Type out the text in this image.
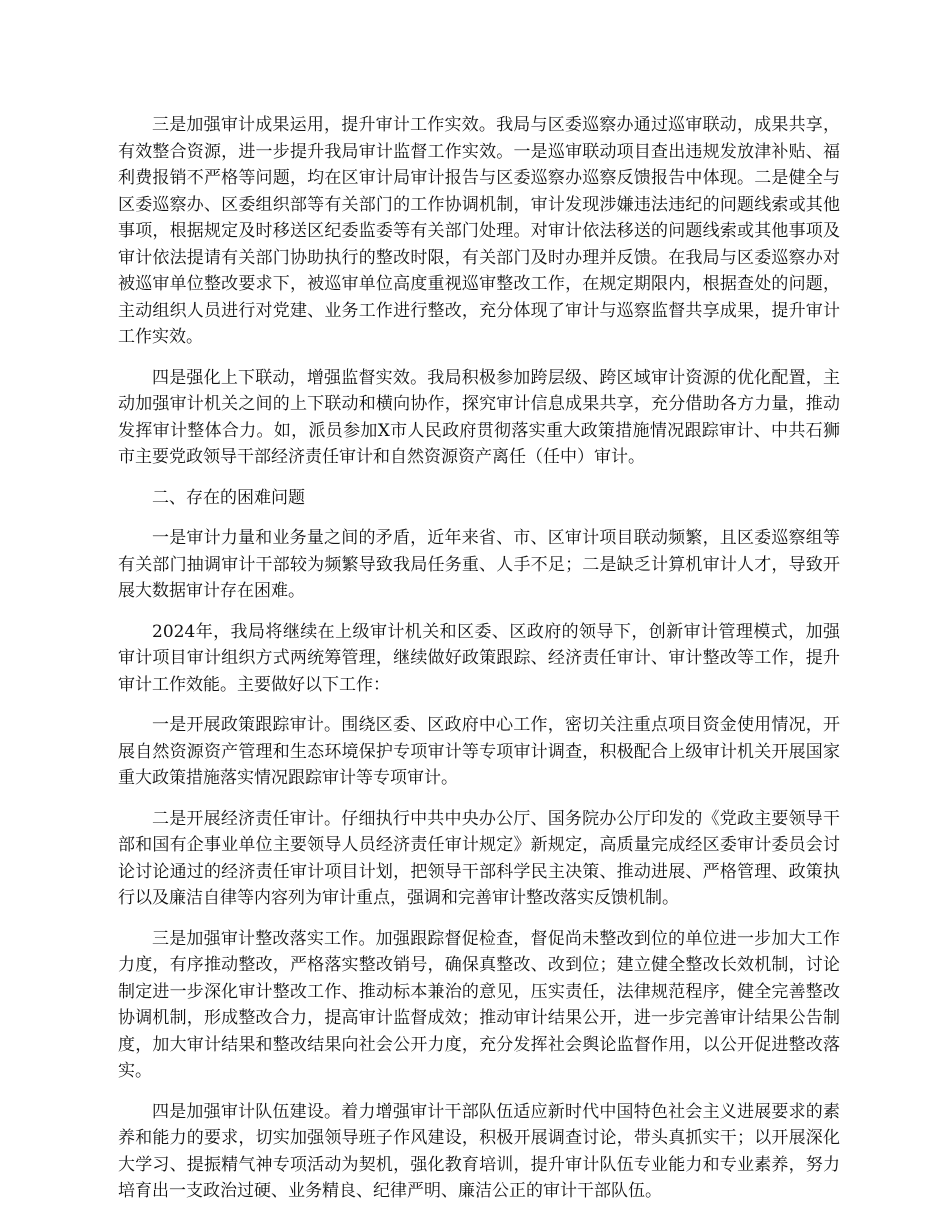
三是加强审计成果运用，提升审计工作实效。我局与区委巡察办通过巡审联动，成果共享，有效整合资源，进一步提升我局审计监督工作实效。一是巡审联动项目查出违规发放津补贴、福利费报销不严格等问题，均在区审计局审计报告与区委巡察办巡察反馈报告中体现。二是健全与区委巡察办、区委组织部等有关部门的工作协调机制，审计发现涉嫌违法违纪的问题线索或其他事项，根据规定及时移送区纪委监委等有关部门处理。对审计依法移送的问题线索或其他事项及审计依法提请有关部门协助执行的整改时限，有关部门及时办理并反馈。在我局与区委巡察办对被巡审单位整改要求下，被巡审单位高度重视巡审整改工作，在规定期限内，根据查处的问题，主动组织人员进行对党建、业务工作进行整改，充分体现了审计与巡察监督共享成果，提升审计工作实效。

四是强化上下联动，增强监督实效。我局积极参加跨层级、跨区域审计资源的优化配置，主动加强审计机关之间的上下联动和横向协作，探究审计信息成果共享，充分借助各方力量，推动发挥审计整体合力。如，派员参加X市人民政府贯彻落实重大政策措施情况跟踪审计、中共石狮市主要党政领导干部经济责任审计和自然资源资产离任（任中）审计。

二、存在的困难问题

一是审计力量和业务量之间的矛盾，近年来省、市、区审计项目联动频繁，且区委巡察组等有关部门抽调审计干部较为频繁导致我局任务重、人手不足；二是缺乏计算机审计人才，导致开展大数据审计存在困难。

2024年，我局将继续在上级审计机关和区委、区政府的领导下，创新审计管理模式，加强审计项目审计组织方式两统筹管理，继续做好政策跟踪、经济责任审计、审计整改等工作，提升审计工作效能。主要做好以下工作：

一是开展政策跟踪审计。围绕区委、区政府中心工作，密切关注重点项目资金使用情况，开展自然资源资产管理和生态环境保护专项审计等专项审计调查，积极配合上级审计机关开展国家重大政策措施落实情况跟踪审计等专项审计。

二是开展经济责任审计。仔细执行中共中央办公厅、国务院办公厅印发的《党政主要领导干部和国有企事业单位主要领导人员经济责任审计规定》新规定，高质量完成经区委审计委员会讨论讨论通过的经济责任审计项目计划，把领导干部科学民主决策、推动进展、严格管理、政策执行以及廉洁自律等内容列为审计重点，强调和完善审计整改落实反馈机制。

三是加强审计整改落实工作。加强跟踪督促检查，督促尚未整改到位的单位进一步加大工作力度，有序推动整改，严格落实整改销号，确保真整改、改到位；建立健全整改长效机制，讨论制定进一步深化审计整改工作、推动标本兼治的意见，压实责任，法律规范程序，健全完善整改协调机制，形成整改合力，提高审计监督成效；推动审计结果公开，进一步完善审计结果公告制度，加大审计结果和整改结果向社会公开力度，充分发挥社会舆论监督作用，以公开促进整改落实。

四是加强审计队伍建设。着力增强审计干部队伍适应新时代中国特色社会主义进展要求的素养和能力的要求，切实加强领导班子作风建设，积极开展调查讨论，带头真抓实干；以开展深化大学习、提振精气神专项活动为契机，强化教育培训，提升审计队伍专业能力和专业素养，努力培育出一支政治过硬、业务精良、纪律严明、廉洁公正的审计干部队伍。
